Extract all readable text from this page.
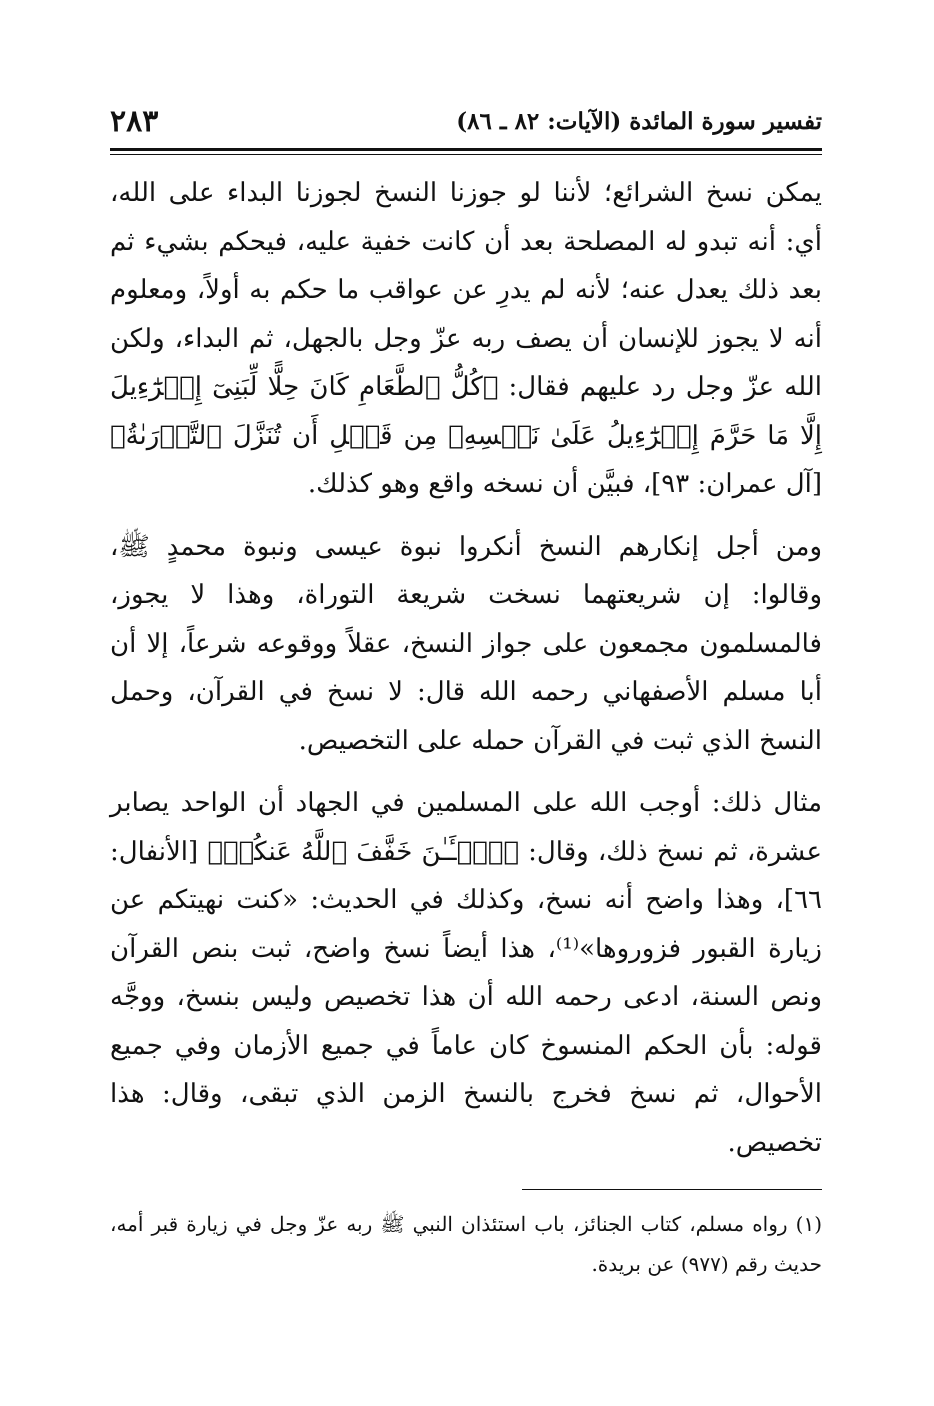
تفسير سورة المائدة (الآيات: ٨٢ ـ ٨٦)
٢٨٣

يمكن نسخ الشرائع؛ لأننا لو جوزنا النسخ لجوزنا البداء على الله، أي: أنه تبدو له المصلحة بعد أن كانت خفية عليه، فيحكم بشيء ثم بعد ذلك يعدل عنه؛ لأنه لم يدرِ عن عواقب ما حكم به أولاً، ومعلوم أنه لا يجوز للإنسان أن يصف ربه عزّ وجل بالجهل، ثم البداء، ولكن الله عزّ وجل رد عليهم فقال: ﴿كُلُّ ٱلطَّعَامِ كَانَ حِلًّا لِّبَنِىٓ إِسۡرَٰٓءِيلَ إِلَّا مَا حَرَّمَ إِسۡرَٰٓءِيلُ عَلَىٰ نَفۡسِهِۦ مِن قَبۡلِ أَن تُنَزَّلَ ٱلتَّوۡرَىٰةُ﴾ [آل عمران: ٩٣]، فبيَّن أن نسخه واقع وهو كذلك.

ومن أجل إنكارهم النسخ أنكروا نبوة عيسى ونبوة محمدٍ ﷺ، وقالوا: إن شريعتهما نسخت شريعة التوراة، وهذا لا يجوز، فالمسلمون مجمعون على جواز النسخ، عقلاً ووقوعه شرعاً، إلا أن أبا مسلم الأصفهاني رحمه الله قال: لا نسخ في القرآن، وحمل النسخ الذي ثبت في القرآن حمله على التخصيص.

مثال ذلك: أوجب الله على المسلمين في الجهاد أن الواحد يصابر عشرة، ثم نسخ ذلك، وقال: ﴿ٱلۡـَٔـٰنَ خَفَّفَ ٱللَّهُ عَنكُمۡ﴾ [الأنفال: ٦٦]، وهذا واضح أنه نسخ، وكذلك في الحديث: «كنت نهيتكم عن زيارة القبور فزوروها»⁽¹⁾، هذا أيضاً نسخ واضح، ثبت بنص القرآن ونص السنة، ادعى رحمه الله أن هذا تخصيص وليس بنسخ، ووجَّه قوله: بأن الحكم المنسوخ كان عاماً في جميع الأزمان وفي جميع الأحوال، ثم نسخ فخرج بالنسخ الزمن الذي تبقى، وقال: هذا تخصيص.

(١) رواه مسلم، كتاب الجنائز، باب استئذان النبي ﷺ ربه عزّ وجل في زيارة قبر أمه، حديث رقم (٩٧٧) عن بريدة.
